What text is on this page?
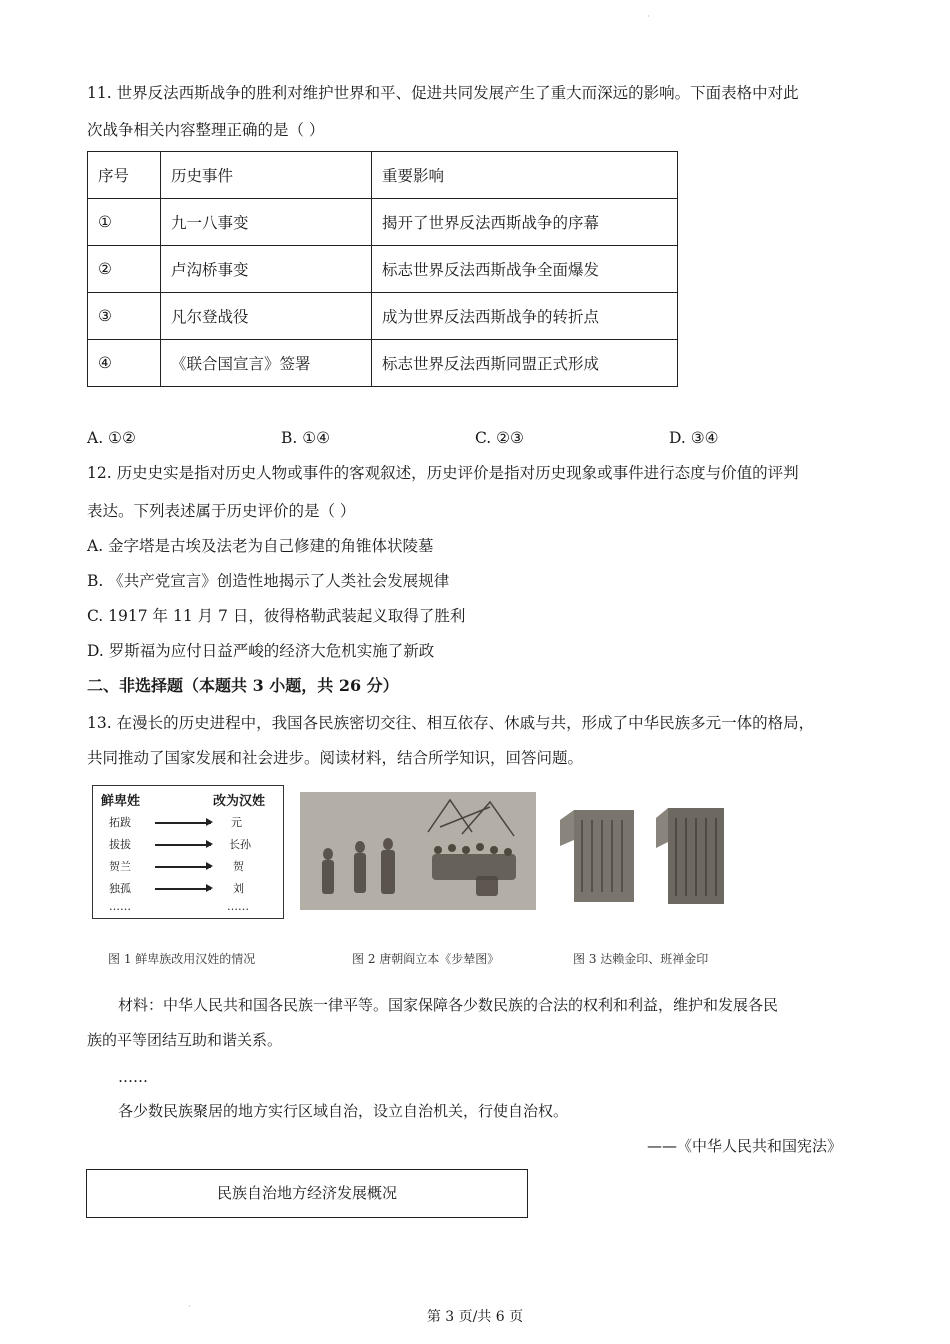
·
11. 世界反法西斯战争的胜利对维护世界和平、促进共同发展产生了重大而深远的影响。下面表格中对此
次战争相关内容整理正确的是（ ）
序号	历史事件	重要影响
①	九一八事变	揭开了世界反法西斯战争的序幕
②	卢沟桥事变	标志世界反法西斯战争全面爆发
③	凡尔登战役	成为世界反法西斯战争的转折点
④	《联合国宣言》签署	标志世界反法西斯同盟正式形成
A. ①②	B. ①④	C. ②③	D. ③④
12. 历史史实是指对历史人物或事件的客观叙述，历史评价是指对历史现象或事件进行态度与价值的评判
表达。下列表述属于历史评价的是（ ）
A. 金字塔是古埃及法老为自己修建的角锥体状陵墓
B. 《共产党宣言》创造性地揭示了人类社会发展规律
C. 1917 年 11 月 7 日，彼得格勒武装起义取得了胜利
D. 罗斯福为应付日益严峻的经济大危机实施了新政
二、非选择题（本题共 3 小题，共 26 分）
13. 在漫长的历史进程中，我国各民族密切交往、相互依存、休戚与共，形成了中华民族多元一体的格局，
共同推动了国家发展和社会进步。阅读材料，结合所学知识，回答问题。
鲜卑姓	改为汉姓
拓跋	元
拔拔	长孙
贺兰	贺
独孤	刘
……	……
图 1 鲜卑族改用汉姓的情况	图 2 唐朝阎立本《步辇图》	图 3 达赖金印、班禅金印
材料：中华人民共和国各民族一律平等。国家保障各少数民族的合法的权利和利益，维护和发展各民
族的平等团结互助和谐关系。
……
各少数民族聚居的地方实行区域自治，设立自治机关，行使自治权。
——《中华人民共和国宪法》
民族自治地方经济发展概况
·
第 3 页/共 6 页
